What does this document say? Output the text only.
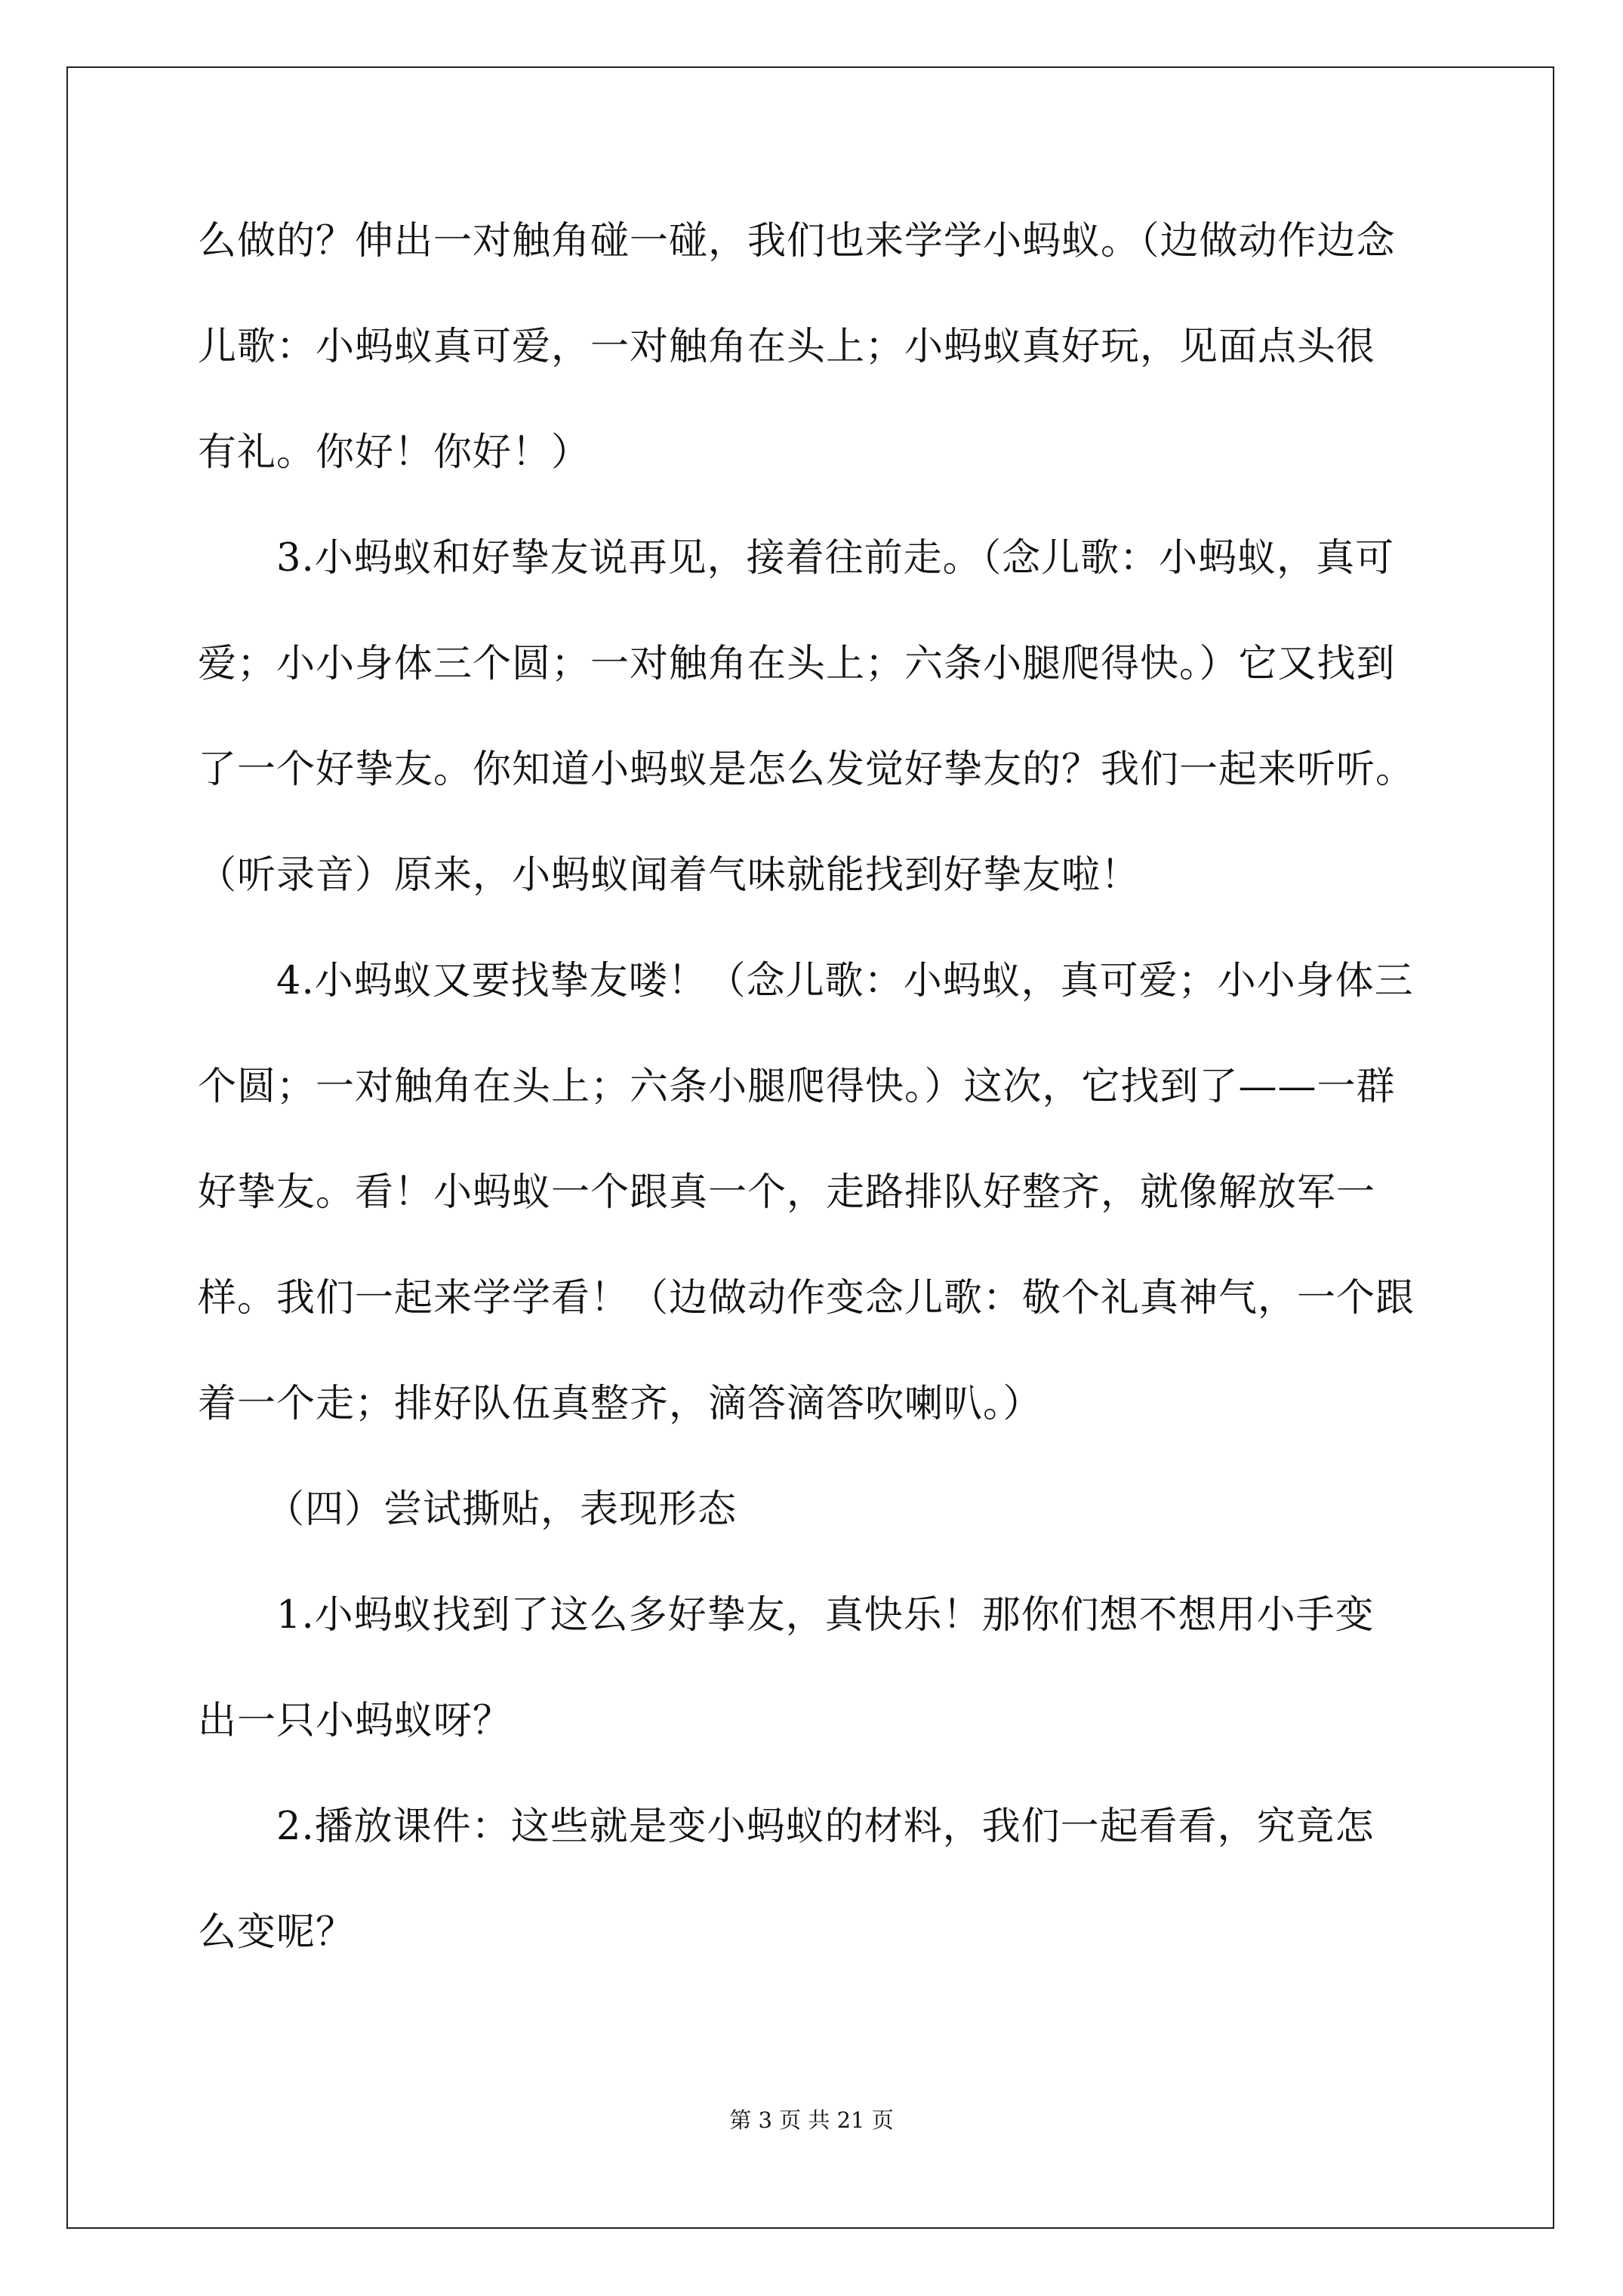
么做的？伸出一对触角碰一碰，我们也来学学小蚂蚁。（边做动作边念
儿歌：小蚂蚁真可爱，一对触角在头上；小蚂蚁真好玩，见面点头很
有礼。你好！你好！）
3.小蚂蚁和好挚友说再见，接着往前走。（念儿歌：小蚂蚁，真可
爱；小小身体三个圆；一对触角在头上；六条小腿爬得快。）它又找到
了一个好挚友。你知道小蚂蚁是怎么发觉好挚友的？我们一起来听听。
（听录音）原来，小蚂蚁闻着气味就能找到好挚友啦！
4.小蚂蚁又要找挚友喽！（念儿歌：小蚂蚁，真可爱；小小身体三
个圆；一对触角在头上；六条小腿爬得快。）这次，它找到了——一群
好挚友。看！小蚂蚁一个跟真一个，走路排队好整齐，就像解放军一
样。我们一起来学学看！（边做动作变念儿歌：敬个礼真神气，一个跟
着一个走；排好队伍真整齐，滴答滴答吹喇叭。）
（四）尝试撕贴，表现形态
1.小蚂蚁找到了这么多好挚友，真快乐！那你们想不想用小手变
出一只小蚂蚁呀？
2.播放课件：这些就是变小蚂蚁的材料，我们一起看看，究竟怎
么变呢？
第 3 页 共 21 页
